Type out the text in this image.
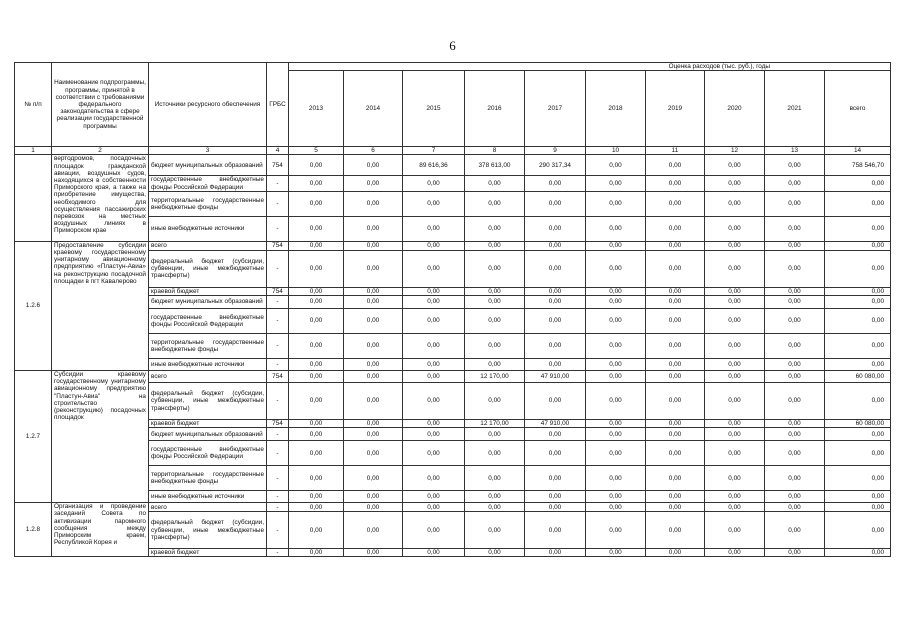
6
№ п/п	Наименование подпрограммы, программы, принятой в соответствии с требованиями федерального законодательства в сфере реализации государственной программы	Источники ресурсного обеспечения	ГРБС	Оценка расходов (тыс. руб.), годы									
				2013	2014	2015	2016	2017	2018	2019	2020	2021	всего
1	2	3	4	5	6	7	8	9	10	11	12	13	14
	вертодромов, посадочных площадок гражданской авиации, воздушных судов, находящихся в собственности Приморского края, а также на приобретение имущества, необходимого для осуществления пассажирских перевозок на местных воздушных линиях в Приморском крае	бюджет муниципальных образований	754	0,00	0,00	89 616,36	378 613,00	290 317,34	0,00	0,00	0,00	0,00	758 546,70
		государственные внебюджетные фонды Российской Федерации	-	0,00	0,00	0,00	0,00	0,00	0,00	0,00	0,00	0,00	0,00
		территориальные государственные внебюджетные фонды	-	0,00	0,00	0,00	0,00	0,00	0,00	0,00	0,00	0,00	0,00
		иные внебюджетные источники	-	0,00	0,00	0,00	0,00	0,00	0,00	0,00	0,00	0,00	0,00
1.2.6	Предоставление субсидии краевому государственному унитарному авиационному предприятию «Пластун-Авиа» на реконструкцию посадочной площадки в пгт Кавалерово	всего	754	0,00	0,00	0,00	0,00	0,00	0,00	0,00	0,00	0,00	0,00
		федеральный бюджет (субсидии, субвенции, иные межбюджетные трансферты)	-	0,00	0,00	0,00	0,00	0,00	0,00	0,00	0,00	0,00	0,00
		краевой бюджет	754	0,00	0,00	0,00	0,00	0,00	0,00	0,00	0,00	0,00	0,00
		бюджет муниципальных образований	-	0,00	0,00	0,00	0,00	0,00	0,00	0,00	0,00	0,00	0,00
		государственные внебюджетные фонды Российской Федерации	-	0,00	0,00	0,00	0,00	0,00	0,00	0,00	0,00	0,00	0,00
		территориальные государственные внебюджетные фонды	-	0,00	0,00	0,00	0,00	0,00	0,00	0,00	0,00	0,00	0,00
		иные внебюджетные источники	-	0,00	0,00	0,00	0,00	0,00	0,00	0,00	0,00	0,00	0,00
1.2.7	Субсидии краевому государственному унитарному авиационному предприятию "Пластун-Авиа" на строительство (реконструкцию) посадочных площадок	всего	754	0,00	0,00	0,00	12 170,00	47 910,00	0,00	0,00	0,00	0,00	60 080,00
		федеральный бюджет (субсидии, субвенции, иные межбюджетные трансферты)	-	0,00	0,00	0,00	0,00	0,00	0,00	0,00	0,00	0,00	0,00
		краевой бюджет	754	0,00	0,00	0,00	12 170,00	47 910,00	0,00	0,00	0,00	0,00	60 080,00
		бюджет муниципальных образований	-	0,00	0,00	0,00	0,00	0,00	0,00	0,00	0,00	0,00	0,00
		государственные внебюджетные фонды Российской Федерации	-	0,00	0,00	0,00	0,00	0,00	0,00	0,00	0,00	0,00	0,00
		территориальные государственные внебюджетные фонды	-	0,00	0,00	0,00	0,00	0,00	0,00	0,00	0,00	0,00	0,00
		иные внебюджетные источники	-	0,00	0,00	0,00	0,00	0,00	0,00	0,00	0,00	0,00	0,00
1.2.8	Организация и проведение заседаний Совета по активизации паромного сообщения между Приморским краем, Республикой Корея и	всего	-	0,00	0,00	0,00	0,00	0,00	0,00	0,00	0,00	0,00	0,00
		федеральный бюджет (субсидии, субвенции, иные межбюджетные трансферты)	-	0,00	0,00	0,00	0,00	0,00	0,00	0,00	0,00	0,00	0,00
		краевой бюджет	-	0,00	0,00	0,00	0,00	0,00	0,00	0,00	0,00	0,00	0,00
